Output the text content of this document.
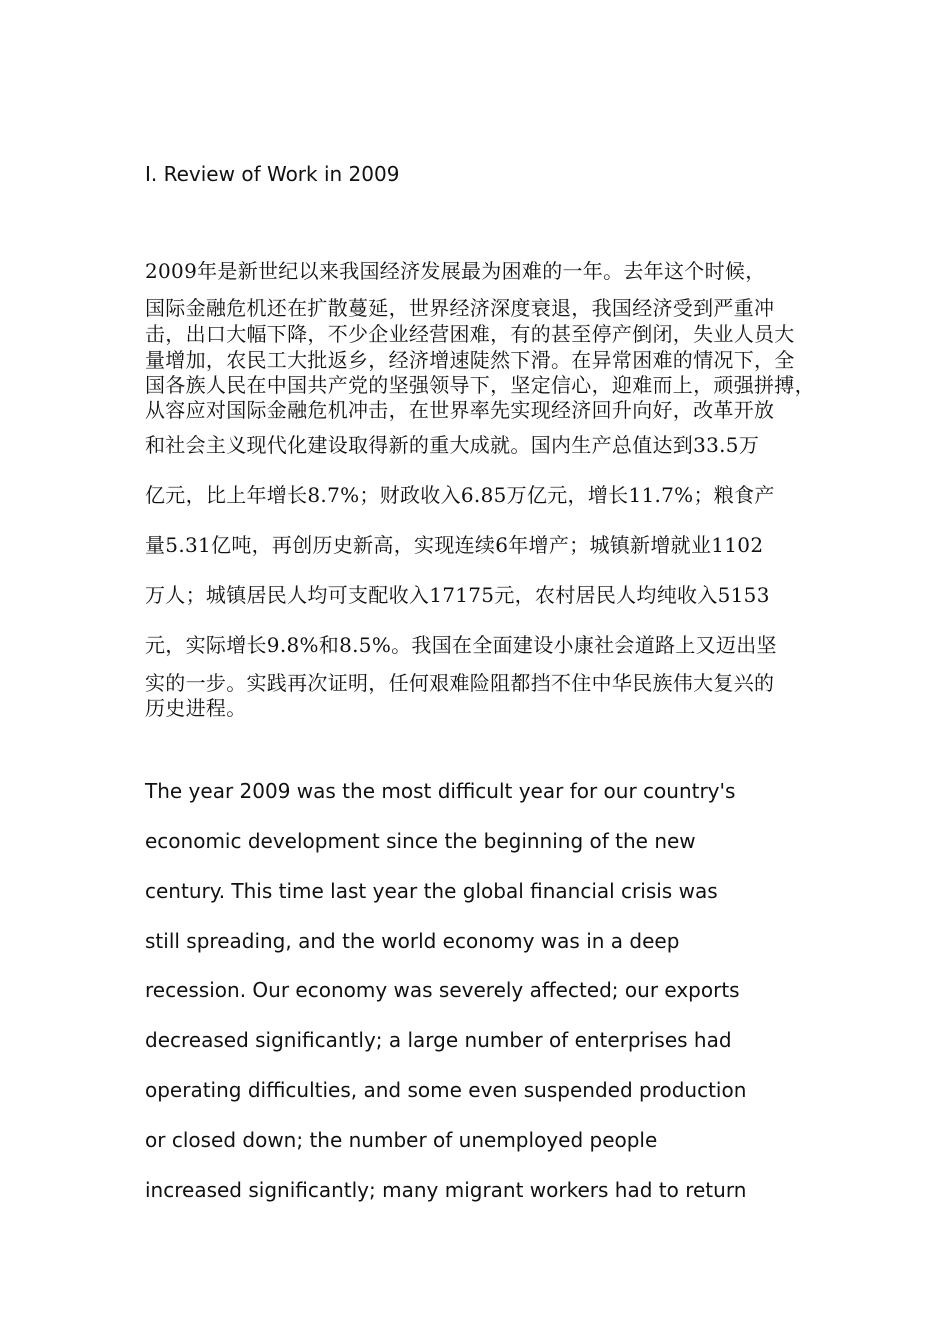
I. Review of Work in 2009
2009年是新世纪以来我国经济发展最为困难的一年。去年这个时候，
国际金融危机还在扩散蔓延，世界经济深度衰退，我国经济受到严重冲
击，出口大幅下降，不少企业经营困难，有的甚至停产倒闭，失业人员大
量增加，农民工大批返乡，经济增速陡然下滑。在异常困难的情况下，全
国各族人民在中国共产党的坚强领导下，坚定信心，迎难而上，顽强拼搏，
从容应对国际金融危机冲击，在世界率先实现经济回升向好，改革开放
和社会主义现代化建设取得新的重大成就。国内生产总值达到33.5万
亿元，比上年增长8.7%；财政收入6.85万亿元，增长11.7%；粮食产
量5.31亿吨，再创历史新高，实现连续6年增产；城镇新增就业1102
万人；城镇居民人均可支配收入17175元，农村居民人均纯收入5153
元，实际增长9.8%和8.5%。我国在全面建设小康社会道路上又迈出坚
实的一步。实践再次证明，任何艰难险阻都挡不住中华民族伟大复兴的
历史进程。
The year 2009 was the most difficult year for our country's
economic development since the beginning of the new
century. This time last year the global financial crisis was
still spreading, and the world economy was in a deep
recession. Our economy was severely affected; our exports
decreased significantly; a large number of enterprises had
operating difficulties, and some even suspended production
or closed down; the number of unemployed people
increased significantly; many migrant workers had to return
